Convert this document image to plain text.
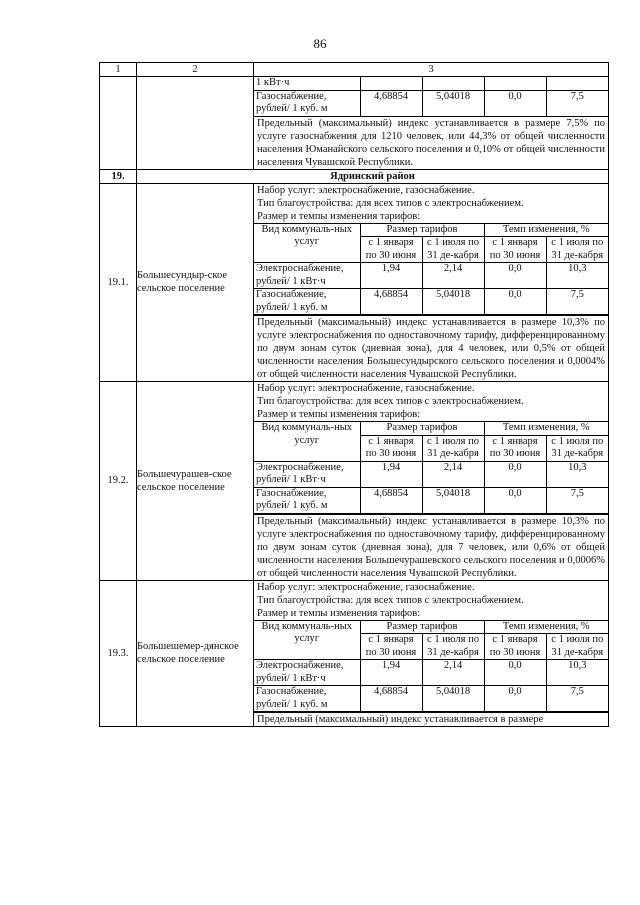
86
1	2	3

1 кВт·ч				
Газоснабжение, рублей/ 1 куб. м	4,68854	5,04018	0,0	7,5
Предельный (максимальный) индекс устанавливается в размере 7,5% по услуге газоснабжения для 1210 человек, или 44,3% от общей численности населения Юманайского сельского поселения и 0,10% от общей численности населения Чувашской Республики.

19.	Ядринский район
19.1.	Большесундыр-ское сельское поселение	
Набор услуг: электроснабжение, газоснабжение.
Тип благоустройства: для всех типов с электроснабжением.
Размер и темпы изменения тарифов:
Вид коммуналь-ных услуг	Размер тарифов	Темп изменения, %
с 1 января по 30 июня	с 1 июля по 31 де-кабря	с 1 января по 30 июня	с 1 июля по 31 де-кабря
Электроснабжение, рублей/ 1 кВт·ч	1,94	2,14	0,0	10,3
Газоснабжение, рублей/ 1 куб. м	4,68854	5,04018	0,0	7,5
Предельный (максимальный) индекс устанавливается в размере 10,3% по услуге электроснабжения по одноставочному тарифу, дифференцированному по двум зонам суток (дневная зона), для 4 человек, или 0,5% от общей численности населения Большесундырского сельского поселения и 0,0004% от общей численности населения Чувашской Республики.

19.2.	Большечурашев-ское сельское поселение	
Набор услуг: электроснабжение, газоснабжение.
Тип благоустройства: для всех типов с электроснабжением.
Размер и темпы изменения тарифов:
Вид коммуналь-ных услуг	Размер тарифов	Темп изменения, %
с 1 января по 30 июня	с 1 июля по 31 де-кабря	с 1 января по 30 июня	с 1 июля по 31 де-кабря
Электроснабжение, рублей/ 1 кВт·ч	1,94	2,14	0,0	10,3
Газоснабжение, рублей/ 1 куб. м	4,68854	5,04018	0,0	7,5
Предельный (максимальный) индекс устанавливается в размере 10,3% по услуге электроснабжения по одноставочному тарифу, дифференцированному по двум зонам суток (дневная зона), для 7 человек, или 0,6% от общей численности населения Большечурашевского сельского поселения и 0,0006% от общей численности населения Чувашской Республики.

19.3.	Большешемер-дянское сельское поселение	
Набор услуг: электроснабжение, газоснабжение.
Тип благоустройства: для всех типов с электроснабжением.
Размер и темпы изменения тарифов:
Вид коммуналь-ных услуг	Размер тарифов	Темп изменения, %
с 1 января по 30 июня	с 1 июля по 31 де-кабря	с 1 января по 30 июня	с 1 июля по 31 де-кабря
Электроснабжение, рублей/ 1 кВт·ч	1,94	2,14	0,0	10,3
Газоснабжение, рублей/ 1 куб. м	4,68854	5,04018	0,0	7,5
Предельный (максимальный) индекс устанавливается в размере
